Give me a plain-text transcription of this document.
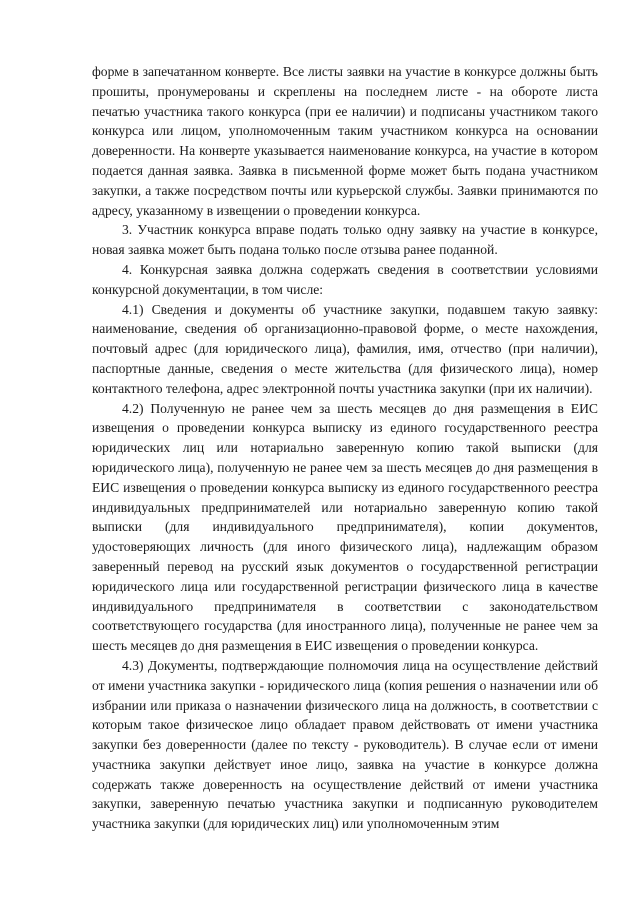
форме в запечатанном конверте. Все листы заявки на участие в конкурсе должны быть прошиты, пронумерованы и скреплены на последнем листе - на обороте листа печатью участника такого конкурса (при ее наличии) и подписаны участником такого конкурса или лицом, уполномоченным таким участником конкурса на основании доверенности. На конверте указывается наименование конкурса, на участие в котором подается данная заявка. Заявка в письменной форме может быть подана участником закупки, а также посредством почты или курьерской службы. Заявки принимаются по адресу, указанному в извещении о проведении конкурса.

3. Участник конкурса вправе подать только одну заявку на участие в конкурсе, новая заявка может быть подана только после отзыва ранее поданной.

4. Конкурсная заявка должна содержать сведения в соответствии условиями конкурсной документации, в том числе:

4.1) Сведения и документы об участнике закупки, подавшем такую заявку: наименование, сведения об организационно-правовой форме, о месте нахождения, почтовый адрес (для юридического лица), фамилия, имя, отчество (при наличии), паспортные данные, сведения о месте жительства (для физического лица), номер контактного телефона, адрес электронной почты участника закупки (при их наличии).

4.2) Полученную не ранее чем за шесть месяцев до дня размещения в ЕИС извещения о проведении конкурса выписку из единого государственного реестра юридических лиц или нотариально заверенную копию такой выписки (для юридического лица), полученную не ранее чем за шесть месяцев до дня размещения в ЕИС извещения о проведении конкурса выписку из единого государственного реестра индивидуальных предпринимателей или нотариально заверенную копию такой выписки (для индивидуального предпринимателя), копии документов, удостоверяющих личность (для иного физического лица), надлежащим образом заверенный перевод на русский язык документов о государственной регистрации юридического лица или государственной регистрации физического лица в качестве индивидуального предпринимателя в соответствии с законодательством соответствующего государства (для иностранного лица), полученные не ранее чем за шесть месяцев до дня размещения в ЕИС извещения о проведении конкурса.

4.3) Документы, подтверждающие полномочия лица на осуществление действий от имени участника закупки - юридического лица (копия решения о назначении или об избрании или приказа о назначении физического лица на должность, в соответствии с которым такое физическое лицо обладает правом действовать от имени участника закупки без доверенности (далее по тексту - руководитель). В случае если от имени участника закупки действует иное лицо, заявка на участие в конкурсе должна содержать также доверенность на осуществление действий от имени участника закупки, заверенную печатью участника закупки и подписанную руководителем участника закупки (для юридических лиц) или уполномоченным этим
